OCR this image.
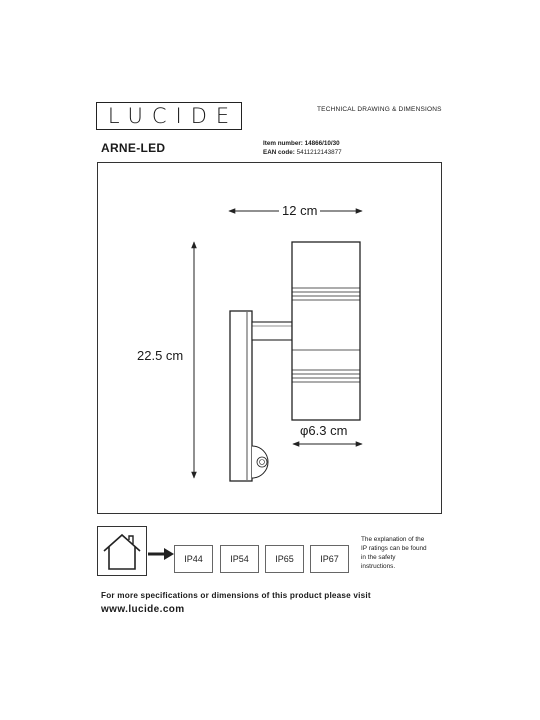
LUCIDE	TECHNICAL DRAWING & DIMENSIONS
ARNE-LED	Item number: 14866/10/30
EAN code: 5411212143877
12 cm
22.5 cm
φ6.3 cm
IP44	IP54	IP65	IP67
The explanation of the
IP ratings can be found
in the safety
instructions.
For more specifications or dimensions of this product please visit
www.lucide.com
